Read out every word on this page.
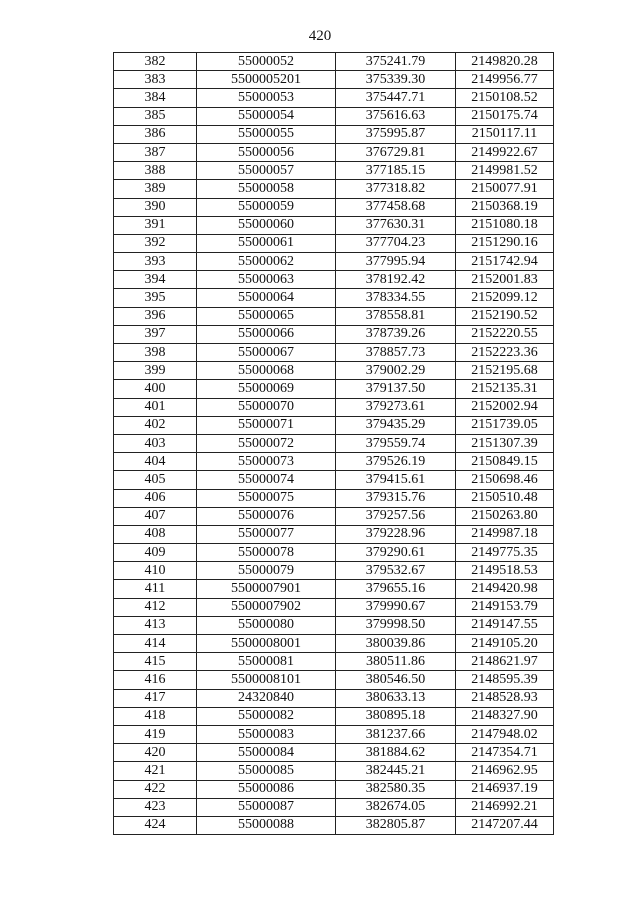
420
382	55000052	375241.79	2149820.28
383	5500005201	375339.30	2149956.77
384	55000053	375447.71	2150108.52
385	55000054	375616.63	2150175.74
386	55000055	375995.87	2150117.11
387	55000056	376729.81	2149922.67
388	55000057	377185.15	2149981.52
389	55000058	377318.82	2150077.91
390	55000059	377458.68	2150368.19
391	55000060	377630.31	2151080.18
392	55000061	377704.23	2151290.16
393	55000062	377995.94	2151742.94
394	55000063	378192.42	2152001.83
395	55000064	378334.55	2152099.12
396	55000065	378558.81	2152190.52
397	55000066	378739.26	2152220.55
398	55000067	378857.73	2152223.36
399	55000068	379002.29	2152195.68
400	55000069	379137.50	2152135.31
401	55000070	379273.61	2152002.94
402	55000071	379435.29	2151739.05
403	55000072	379559.74	2151307.39
404	55000073	379526.19	2150849.15
405	55000074	379415.61	2150698.46
406	55000075	379315.76	2150510.48
407	55000076	379257.56	2150263.80
408	55000077	379228.96	2149987.18
409	55000078	379290.61	2149775.35
410	55000079	379532.67	2149518.53
411	5500007901	379655.16	2149420.98
412	5500007902	379990.67	2149153.79
413	55000080	379998.50	2149147.55
414	5500008001	380039.86	2149105.20
415	55000081	380511.86	2148621.97
416	5500008101	380546.50	2148595.39
417	24320840	380633.13	2148528.93
418	55000082	380895.18	2148327.90
419	55000083	381237.66	2147948.02
420	55000084	381884.62	2147354.71
421	55000085	382445.21	2146962.95
422	55000086	382580.35	2146937.19
423	55000087	382674.05	2146992.21
424	55000088	382805.87	2147207.44
